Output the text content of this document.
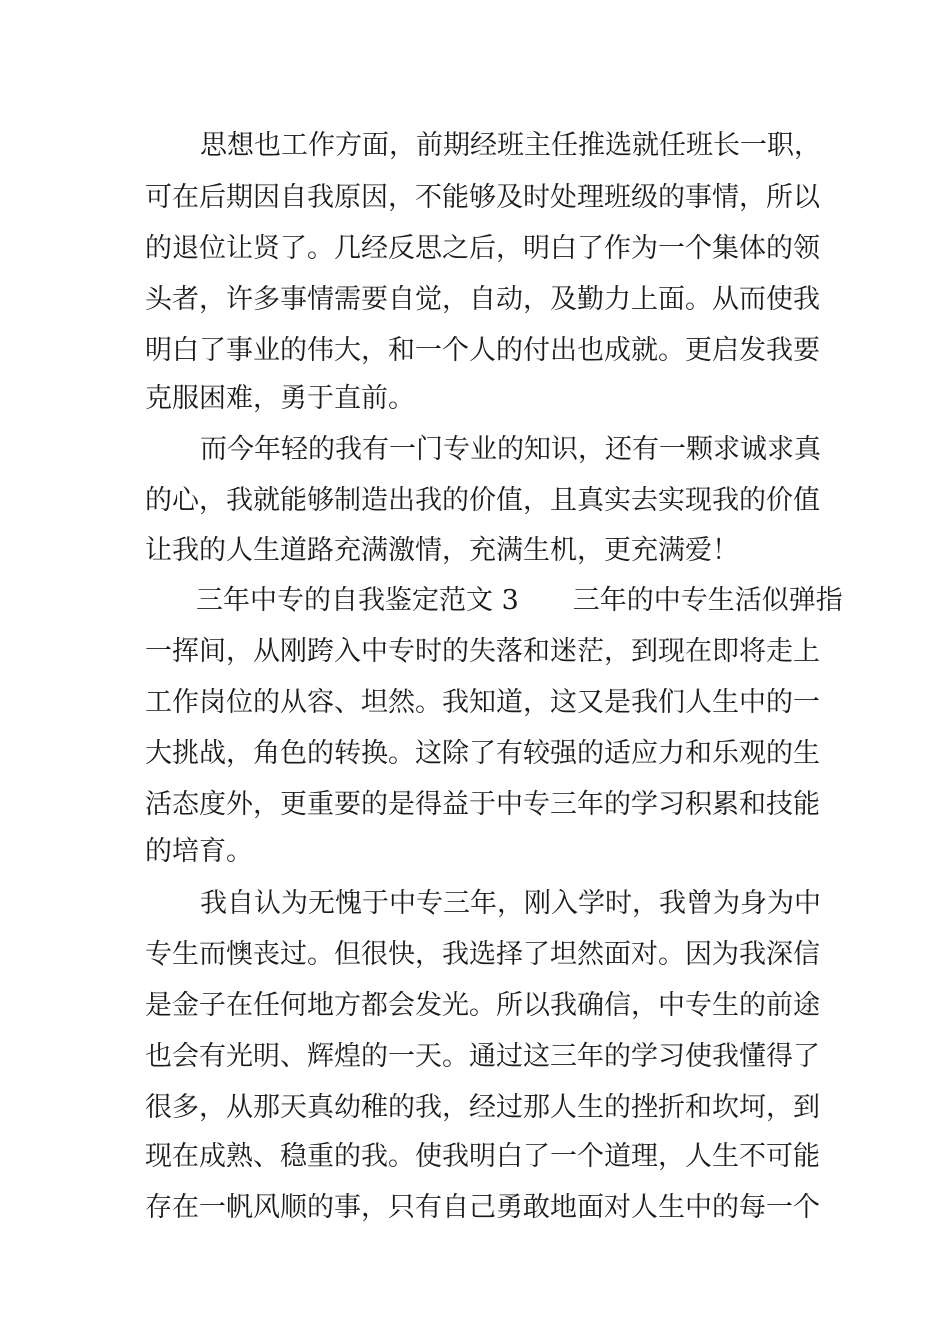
思想也工作方面，前期经班主任推选就任班长一职，
可在后期因自我原因，不能够及时处理班级的事情，所以
的退位让贤了。几经反思之后，明白了作为一个集体的领
头者，许多事情需要自觉，自动，及勤力上面。从而使我
明白了事业的伟大，和一个人的付出也成就。更启发我要
克服困难，勇于直前。
而今年轻的我有一门专业的知识，还有一颗求诚求真
的心，我就能够制造出我的价值，且真实去实现我的价值
让我的人生道路充满激情，充满生机，更充满爱！
三年中专的自我鉴定范文 3　　三年的中专生活似弹指
一挥间，从刚跨入中专时的失落和迷茫，到现在即将走上
工作岗位的从容、坦然。我知道，这又是我们人生中的一
大挑战，角色的转换。这除了有较强的适应力和乐观的生
活态度外，更重要的是得益于中专三年的学习积累和技能
的培育。
我自认为无愧于中专三年，刚入学时，我曾为身为中
专生而懊丧过。但很快，我选择了坦然面对。因为我深信
是金子在任何地方都会发光。所以我确信，中专生的前途
也会有光明、辉煌的一天。通过这三年的学习使我懂得了
很多，从那天真幼稚的我，经过那人生的挫折和坎坷，到
现在成熟、稳重的我。使我明白了一个道理，人生不可能
存在一帆风顺的事，只有自己勇敢地面对人生中的每一个
